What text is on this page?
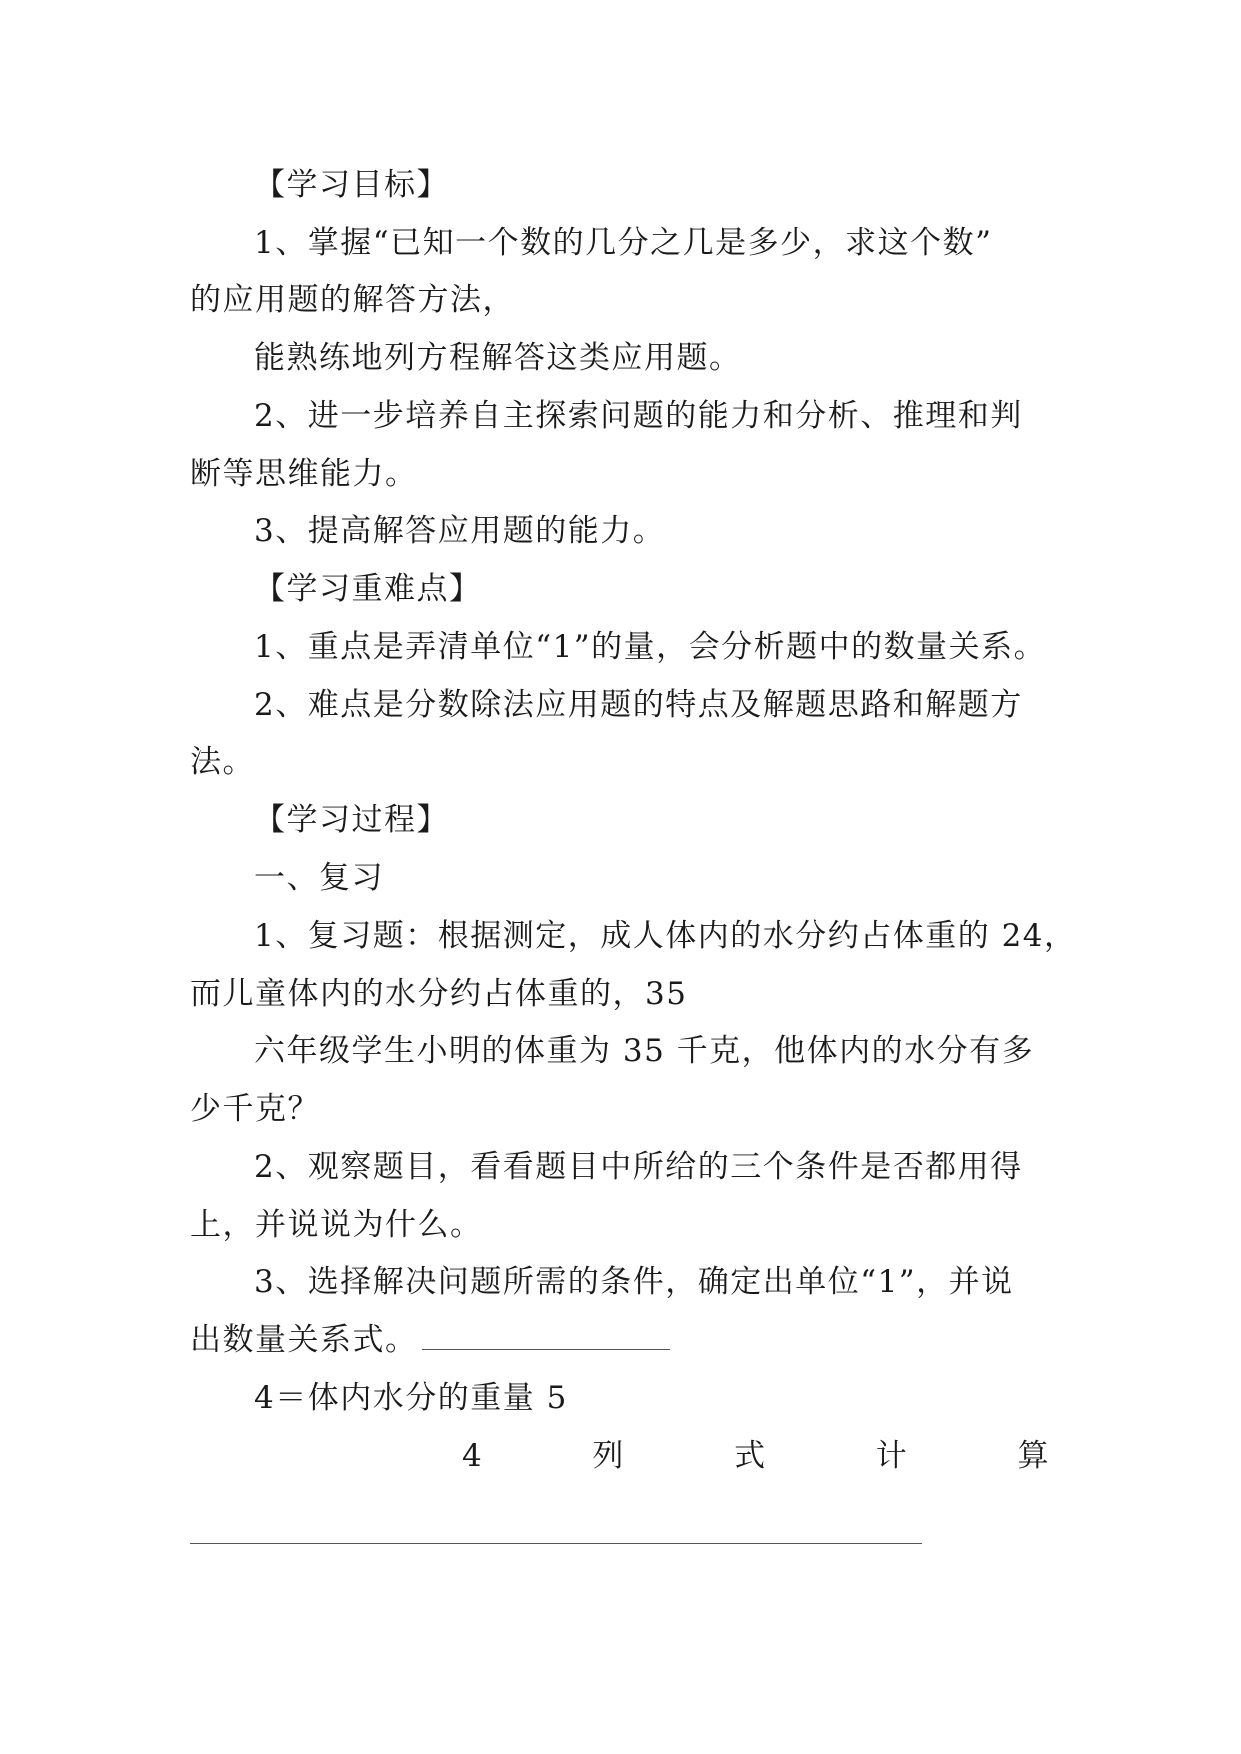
【学习目标】
1、掌握“已知一个数的几分之几是多少，求这个数”
的应用题的解答方法，
能熟练地列方程解答这类应用题。
2、进一步培养自主探索问题的能力和分析、推理和判
断等思维能力。
3、提高解答应用题的能力。
【学习重难点】
1、重点是弄清单位“1”的量，会分析题中的数量关系。
2、难点是分数除法应用题的特点及解题思路和解题方
法。
【学习过程】
一、复习
1、复习题：根据测定，成人体内的水分约占体重的 24，
而儿童体内的水分约占体重的，35
六年级学生小明的体重为 35 千克，他体内的水分有多
少千克？
2、观察题目，看看题目中所给的三个条件是否都用得
上，并说说为什么。
3、选择解决问题所需的条件，确定出单位“1”，并说
出数量关系式。
4＝体内水分的重量 5
4	列	式	计	算
